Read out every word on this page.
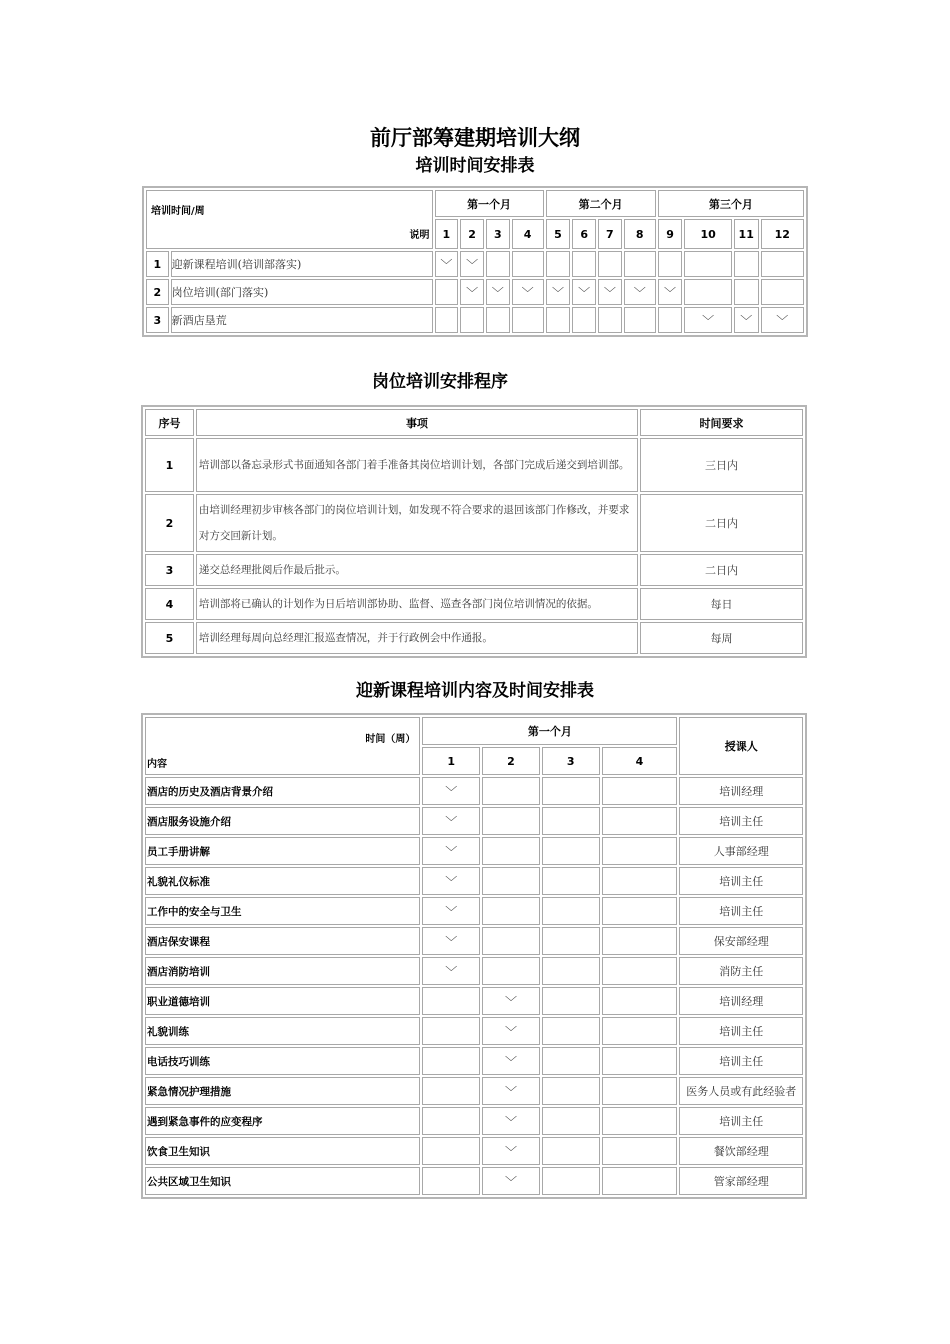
前厅部筹建期培训大纲
培训时间安排表
培训时间/周
说明		第一个月				第二个月				第三个月			
		1	2	3	4	5	6	7	8	9	10	11	12
1	迎新课程培训(培训部落实)	﹀	﹀										
2	岗位培训(部门落实)		﹀	﹀	﹀	﹀	﹀	﹀	﹀	﹀			
3	新酒店垦荒										﹀	﹀	﹀
岗位培训安排程序
序号	事项	时间要求
1	培训部以备忘录形式书面通知各部门着手准备其岗位培训计划，各部门完成后递交到培训部。	三日内
2	由培训经理初步审核各部门的岗位培训计划，如发现不符合要求的退回该部门作修改，并要求对方交回新计划。	二日内
3	递交总经理批阅后作最后批示。	二日内
4	培训部将已确认的计划作为日后培训部协助、监督、巡查各部门岗位培训情况的依据。	每日
5	培训经理每周向总经理汇报巡查情况，并于行政例会中作通报。	每周
迎新课程培训内容及时间安排表
时间（周）
内容	第一个月				授课人
	1	2	3	4	
酒店的历史及酒店背景介绍	﹀				培训经理
酒店服务设施介绍	﹀				培训主任
员工手册讲解	﹀				人事部经理
礼貌礼仪标准	﹀				培训主任
工作中的安全与卫生	﹀				培训主任
酒店保安课程	﹀				保安部经理
酒店消防培训	﹀				消防主任
职业道德培训		﹀			培训经理
礼貌训练		﹀			培训主任
电话技巧训练		﹀			培训主任
紧急情况护理措施		﹀			医务人员或有此经验者
遇到紧急事件的应变程序		﹀			培训主任
饮食卫生知识		﹀			餐饮部经理
公共区域卫生知识		﹀			管家部经理
